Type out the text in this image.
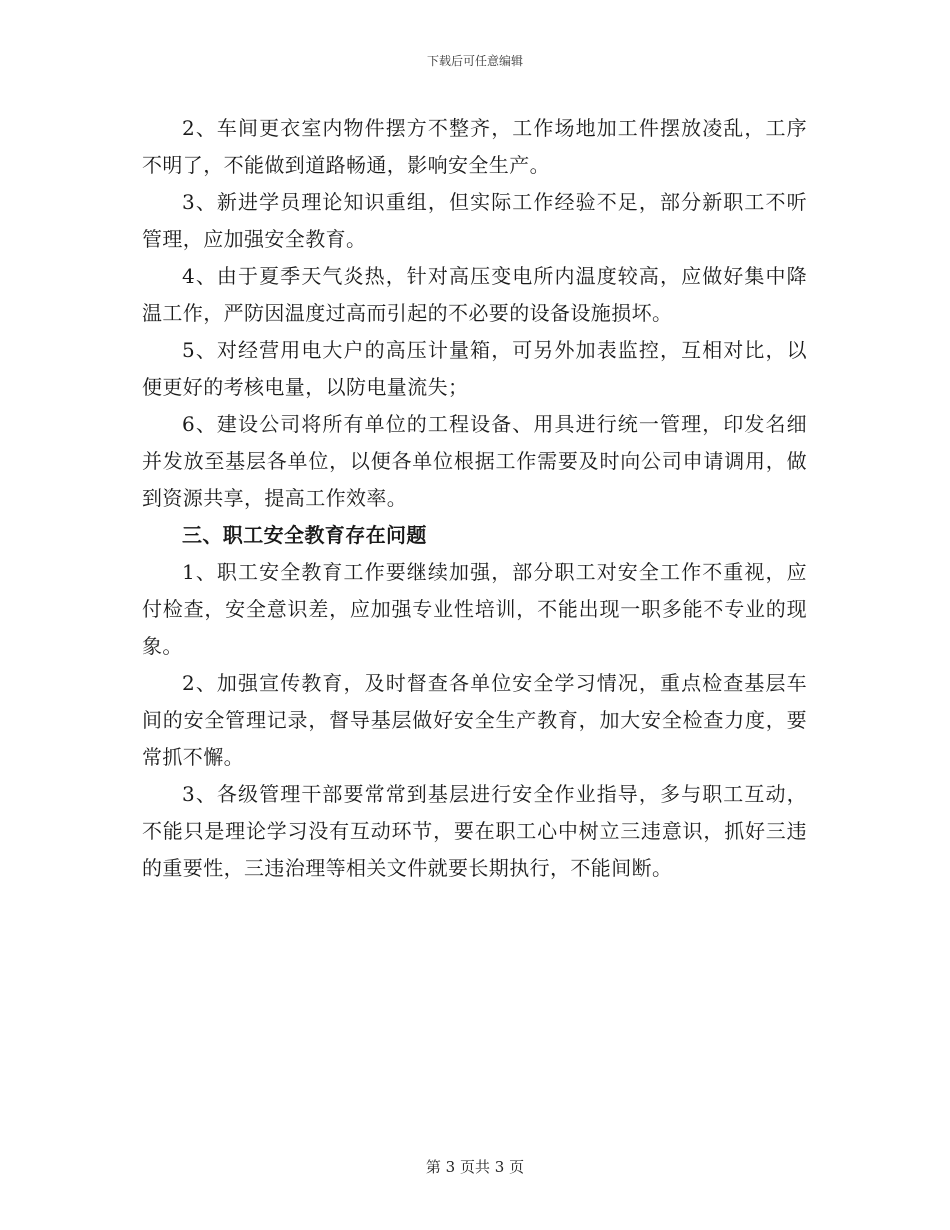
下载后可任意编辑

2、车间更衣室内物件摆方不整齐，工作场地加工件摆放凌乱，工序不明了，不能做到道路畅通，影响安全生产。

3、新进学员理论知识重组，但实际工作经验不足，部分新职工不听管理，应加强安全教育。

4、由于夏季天气炎热，针对高压变电所内温度较高，应做好集中降温工作，严防因温度过高而引起的不必要的设备设施损坏。

5、对经营用电大户的高压计量箱，可另外加表监控，互相对比，以便更好的考核电量，以防电量流失；

6、建设公司将所有单位的工程设备、用具进行统一管理，印发名细并发放至基层各单位，以便各单位根据工作需要及时向公司申请调用，做到资源共享，提高工作效率。

三、职工安全教育存在问题

1、职工安全教育工作要继续加强，部分职工对安全工作不重视，应付检查，安全意识差，应加强专业性培训，不能出现一职多能不专业的现象。

2、加强宣传教育，及时督查各单位安全学习情况，重点检查基层车间的安全管理记录，督导基层做好安全生产教育，加大安全检查力度，要常抓不懈。

3、各级管理干部要常常到基层进行安全作业指导，多与职工互动，不能只是理论学习没有互动环节，要在职工心中树立三违意识，抓好三违的重要性，三违治理等相关文件就要长期执行，不能间断。

第 3 页共 3 页
